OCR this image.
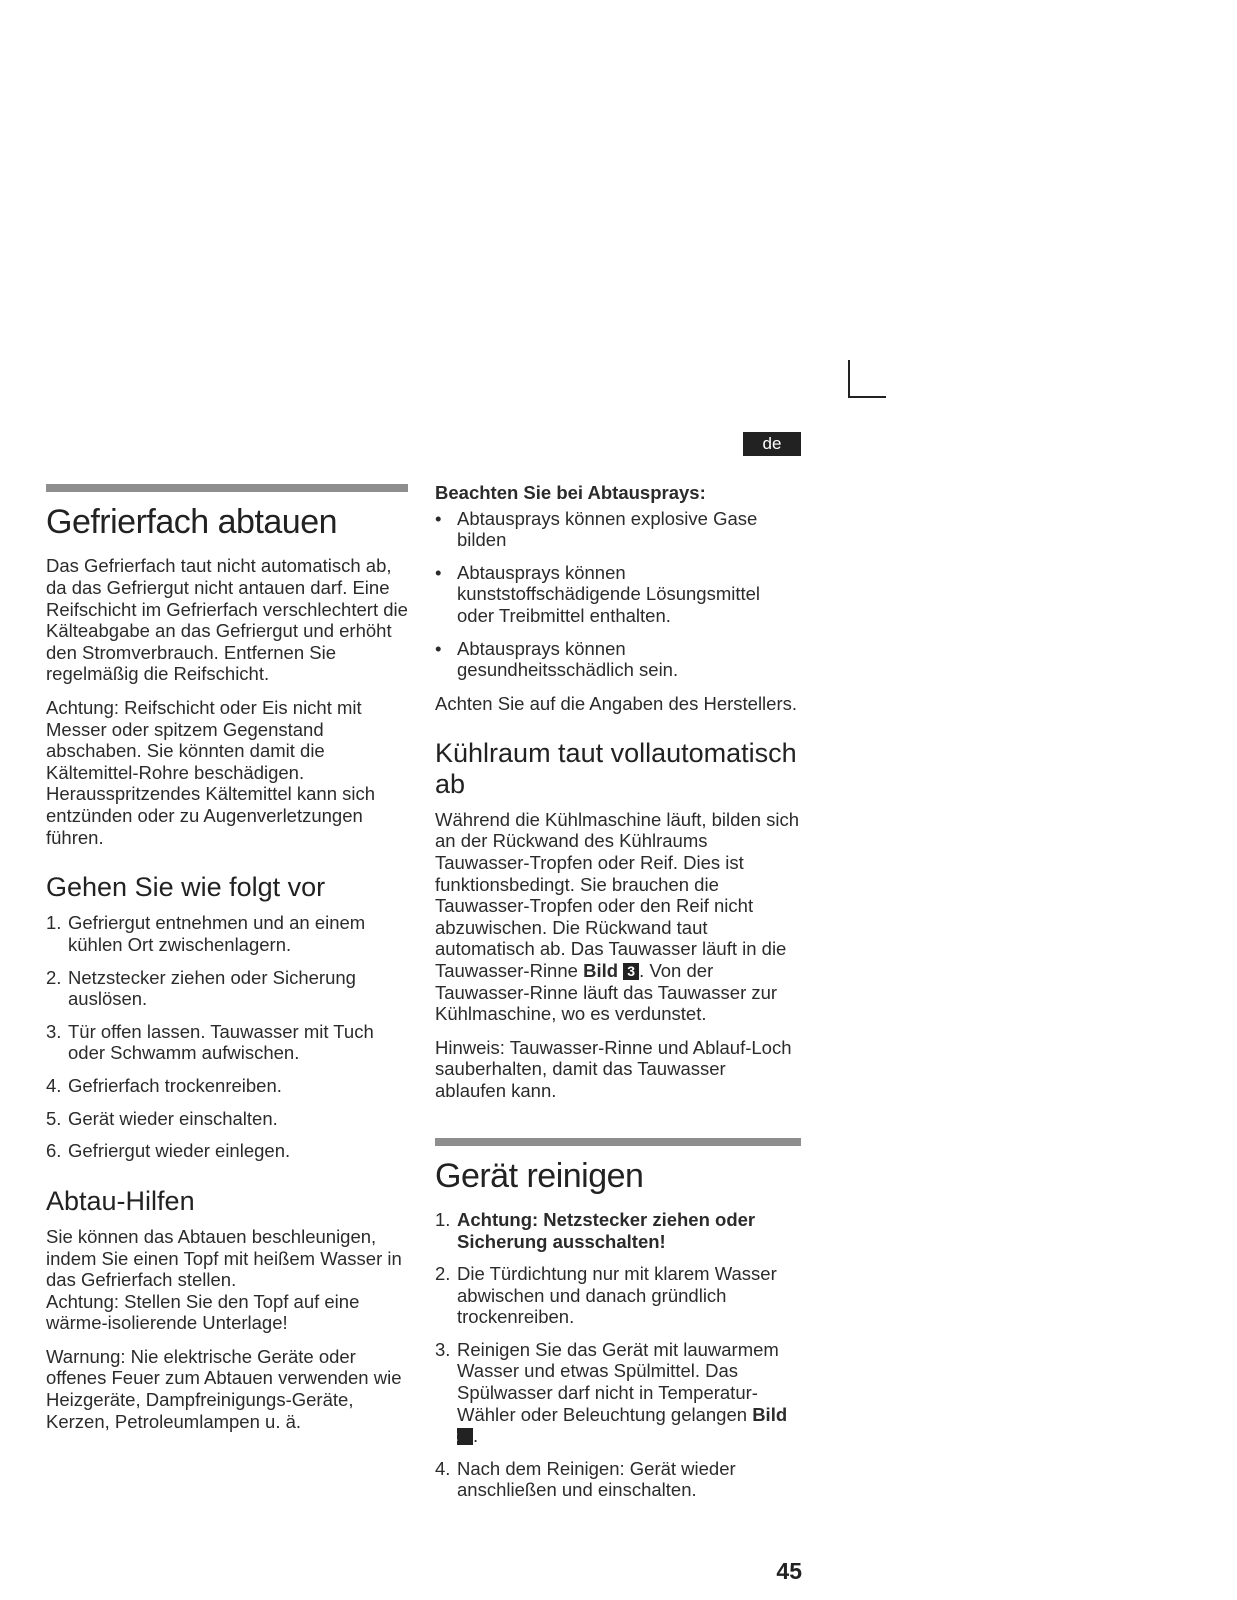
de
Gefrierfach abtauen

Das Gefrierfach taut nicht automatisch ab, da das Gefriergut nicht antauen darf. Eine Reifschicht im Gefrierfach verschlechtert die Kälteabgabe an das Gefriergut und erhöht den Stromverbrauch. Entfernen Sie regelmäßig die Reifschicht.

Achtung: Reifschicht oder Eis nicht mit Messer oder spitzem Gegenstand abschaben. Sie könnten damit die Kältemittel-Rohre beschädigen. Herausspritzendes Kältemittel kann sich entzünden oder zu Augenverletzungen führen.

Gehen Sie wie folgt vor
1. Gefriergut entnehmen und an einem kühlen Ort zwischenlagern.
2. Netzstecker ziehen oder Sicherung auslösen.
3. Tür offen lassen. Tauwasser mit Tuch oder Schwamm aufwischen.
4. Gefrierfach trockenreiben.
5. Gerät wieder einschalten.
6. Gefriergut wieder einlegen.
Abtau-Hilfen

Sie können das Abtauen beschleunigen, indem Sie einen Topf mit heißem Wasser in das Gefrierfach stellen.
Achtung: Stellen Sie den Topf auf eine wärme-isolierende Unterlage!

Warnung: Nie elektrische Geräte oder offenes Feuer zum Abtauen verwenden wie Heizgeräte, Dampfreinigungs-Geräte, Kerzen, Petroleumlampen u. ä.

Beachten Sie bei Abtausprays:

• Abtausprays können explosive Gase bilden
• Abtausprays können kunststoffschädigende Lösungsmittel oder Treibmittel enthalten.
• Abtausprays können gesundheitsschädlich sein.

Achten Sie auf die Angaben des Herstellers.

Kühlraum taut vollautomatisch ab

Während die Kühlmaschine läuft, bilden sich an der Rückwand des Kühlraums Tauwasser-Tropfen oder Reif. Dies ist funktionsbedingt. Sie brauchen die Tauwasser-Tropfen oder den Reif nicht abzuwischen. Die Rückwand taut automatisch ab. Das Tauwasser läuft in die Tauwasser-Rinne Bild 3 . Von der Tauwasser-Rinne läuft das Tauwasser zur Kühlmaschine, wo es verdunstet.

Hinweis: Tauwasser-Rinne und Ablauf-Loch sauberhalten, damit das Tauwasser ablaufen kann.

Gerät reinigen
1. Achtung: Netzstecker ziehen oder Sicherung ausschalten!
2. Die Türdichtung nur mit klarem Wasser abwischen und danach gründlich trockenreiben.
3. Reinigen Sie das Gerät mit lauwarmem Wasser und etwas Spülmittel. Das Spülwasser darf nicht in Temperatur-Wähler oder Beleuchtung gelangen Bild 2 .
4. Nach dem Reinigen: Gerät wieder anschließen und einschalten.
45
